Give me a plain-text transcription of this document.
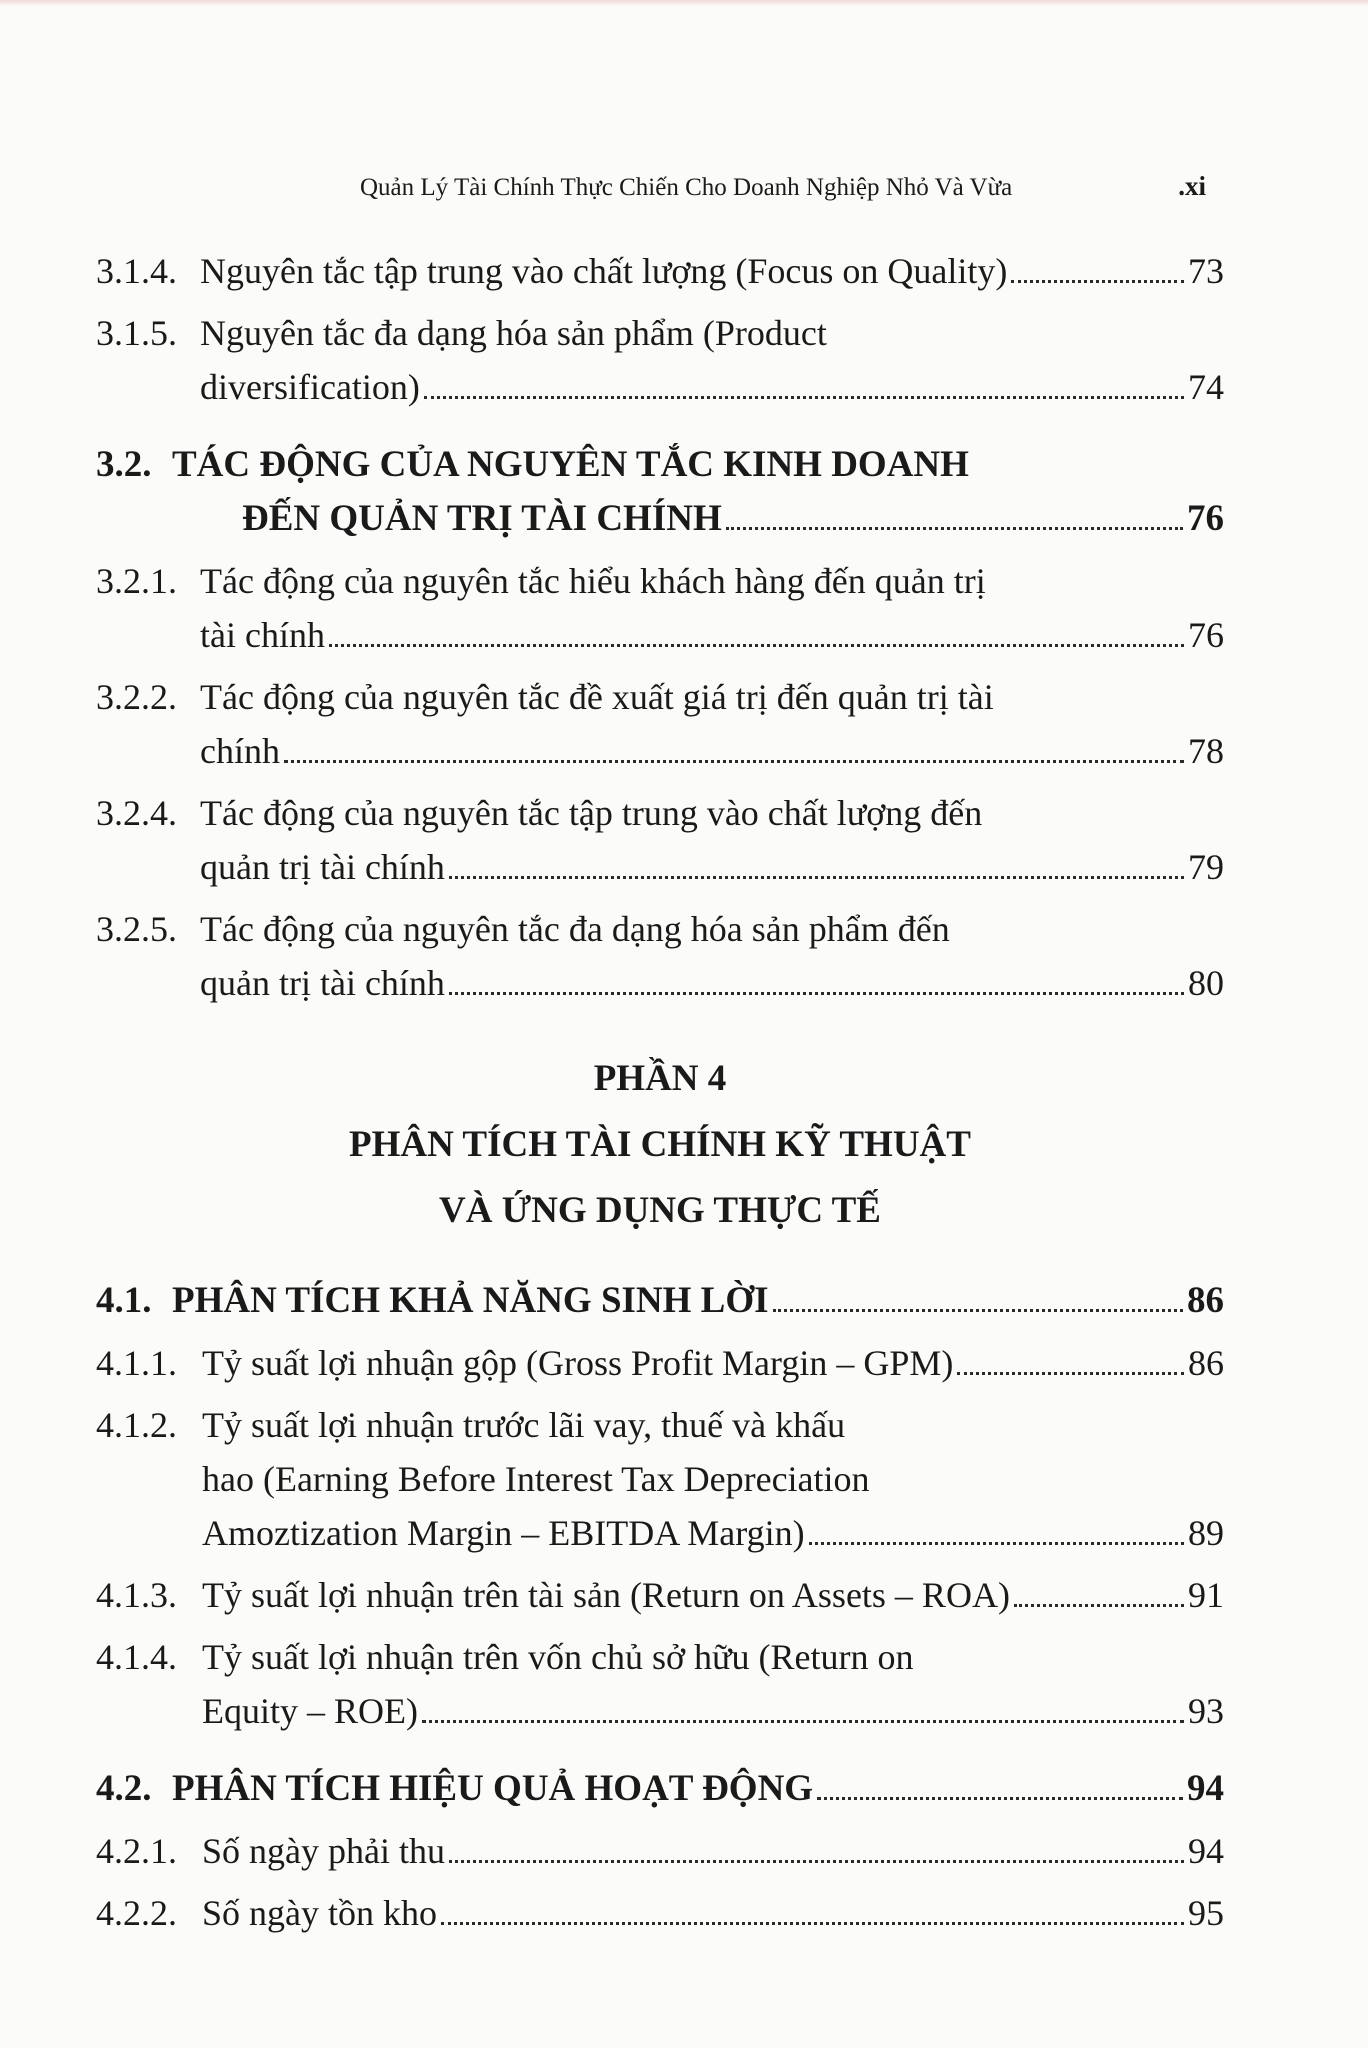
Quản Lý Tài Chính Thực Chiến Cho Doanh Nghiệp Nhỏ Và Vừa	.xi
3.1.4. Nguyên tắc tập trung vào chất lượng (Focus on Quality)	73
3.1.5. Nguyên tắc đa dạng hóa sản phẩm (Product
diversification)	74
3.2. TÁC ĐỘNG CỦA NGUYÊN TẮC KINH DOANH
ĐẾN QUẢN TRỊ TÀI CHÍNH	76
3.2.1. Tác động của nguyên tắc hiểu khách hàng đến quản trị
tài chính	76
3.2.2. Tác động của nguyên tắc đề xuất giá trị đến quản trị tài
chính	78
3.2.4. Tác động của nguyên tắc tập trung vào chất lượng đến
quản trị tài chính	79
3.2.5. Tác động của nguyên tắc đa dạng hóa sản phẩm đến
quản trị tài chính	80
PHẦN 4
PHÂN TÍCH TÀI CHÍNH KỸ THUẬT
VÀ ỨNG DỤNG THỰC TẾ
4.1. PHÂN TÍCH KHẢ NĂNG SINH LỜI	86
4.1.1. Tỷ suất lợi nhuận gộp (Gross Profit Margin – GPM)	86
4.1.2. Tỷ suất lợi nhuận trước lãi vay, thuế và khấu
hao (Earning Before Interest Tax Depreciation
Amoztization Margin – EBITDA Margin)	89
4.1.3. Tỷ suất lợi nhuận trên tài sản (Return on Assets – ROA)	91
4.1.4. Tỷ suất lợi nhuận trên vốn chủ sở hữu (Return on
Equity – ROE)	93
4.2. PHÂN TÍCH HIỆU QUẢ HOẠT ĐỘNG	94
4.2.1. Số ngày phải thu	94
4.2.2. Số ngày tồn kho	95
